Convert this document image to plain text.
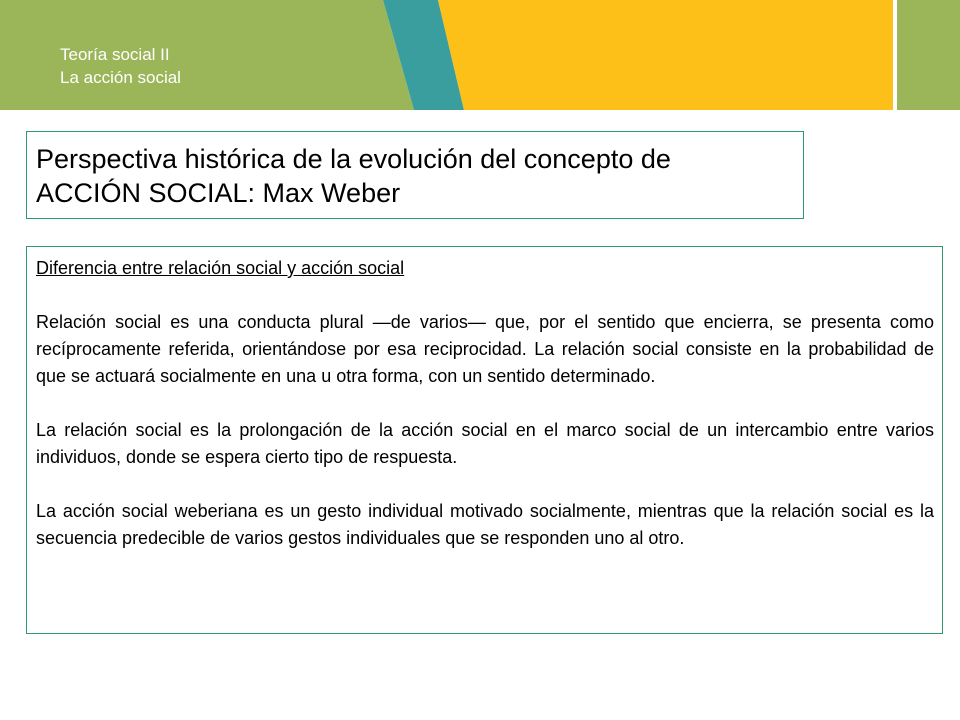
Teoría social II
La acción social
Perspectiva histórica de la evolución del concepto de
ACCIÓN SOCIAL: Max Weber

Diferencia entre relación social y acción social

Relación social es una conducta plural —de varios— que, por el sentido que encierra, se presenta como recíprocamente referida, orientándose por esa reciprocidad. La relación social consiste en la probabilidad de que se actuará socialmente en una u otra forma, con un sentido determinado.

La relación social es la prolongación de la acción social en el marco social de un intercambio entre varios individuos, donde se espera cierto tipo de respuesta.

La acción social weberiana es un gesto individual motivado socialmente, mientras que la relación social es la secuencia predecible de varios gestos individuales que se responden uno al otro.
